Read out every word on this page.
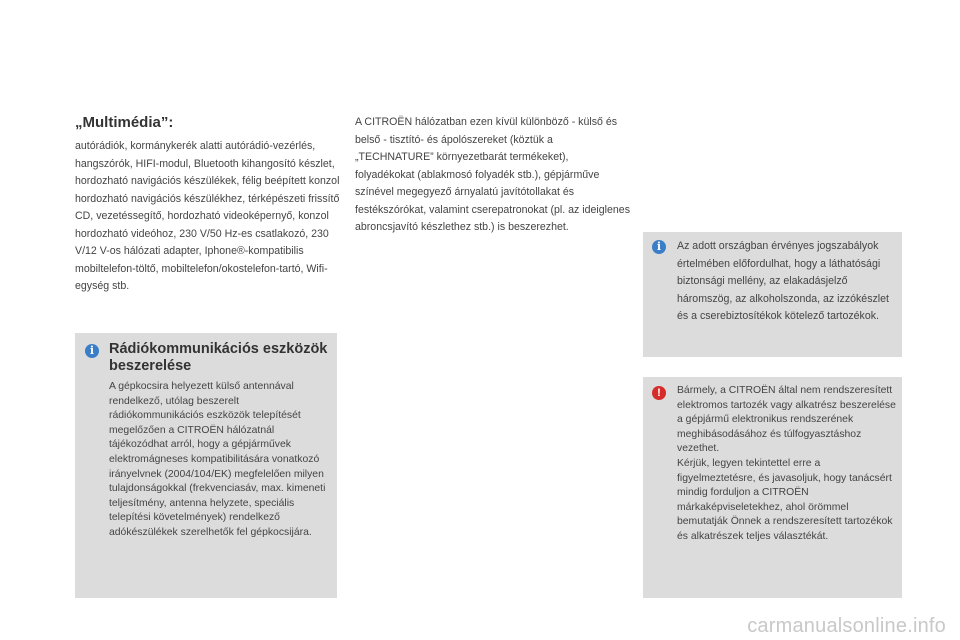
„Multimédia”:

autórádiók, kormánykerék alatti autórádió-vezérlés, hangszórók, HIFI-modul, Bluetooth kihangosító készlet, hordozható navigációs készülékek, félig beépített konzol hordozható navigációs készülékhez, térképészeti frissítő CD, vezetéssegítő, hordozható videoképernyő, konzol hordozható videóhoz, 230 V/50 Hz-es csatlakozó, 230 V/12 V-os hálózati adapter, Iphone®-kompatibilis mobiltelefon-töltő, mobiltelefon/okostelefon-tartó, Wifi-egység stb.

A CITROËN hálózatban ezen kívül különböző - külső és belső - tisztító- és ápolószereket (köztük a „TECHNATURE” környezetbarát termékeket), folyadékokat (ablakmosó folyadék stb.), gépjárműve színével megegyező árnyalatú javítótollakat és festékszórókat, valamint cserepatronokat (pl. az ideiglenes abroncsjavító készlethez stb.) is beszerezhet.

i	Rádiókommunikációs eszközök beszerelése

A gépkocsira helyezett külső antennával rendelkező, utólag beszerelt rádiókommunikációs eszközök telepítését megelőzően a CITROËN hálózatnál tájékozódhat arról, hogy a gépjárművek elektromágneses kompatibilitására vonatkozó irányelvnek (2004/104/EK) megfelelően milyen tulajdonságokkal (frekvenciasáv, max. kimeneti teljesítmény, antenna helyzete, speciális telepítési követelmények) rendelkező adókészülékek szerelhetők fel gépkocsijára.

i	Az adott országban érvényes jogszabályok értelmében előfordulhat, hogy a láthatósági biztonsági mellény, az elakadásjelző háromszög, az alkoholszonda, az izzókészlet és a cserebiztosítékok kötelező tartozékok.

!	Bármely, a CITROËN által nem rendszeresített elektromos tartozék vagy alkatrész beszerelése
a gépjármű elektronikus rendszerének meghibásodásához és túlfogyasztáshoz vezethet.
Kérjük, legyen tekintettel erre a figyelmeztetésre, és javasoljuk, hogy tanácsért mindig forduljon a CITROËN márkaképviseletekhez, ahol örömmel bemutatják Önnek a rendszeresített tartozékok és alkatrészek teljes választékát.

carmanualsonline.info
